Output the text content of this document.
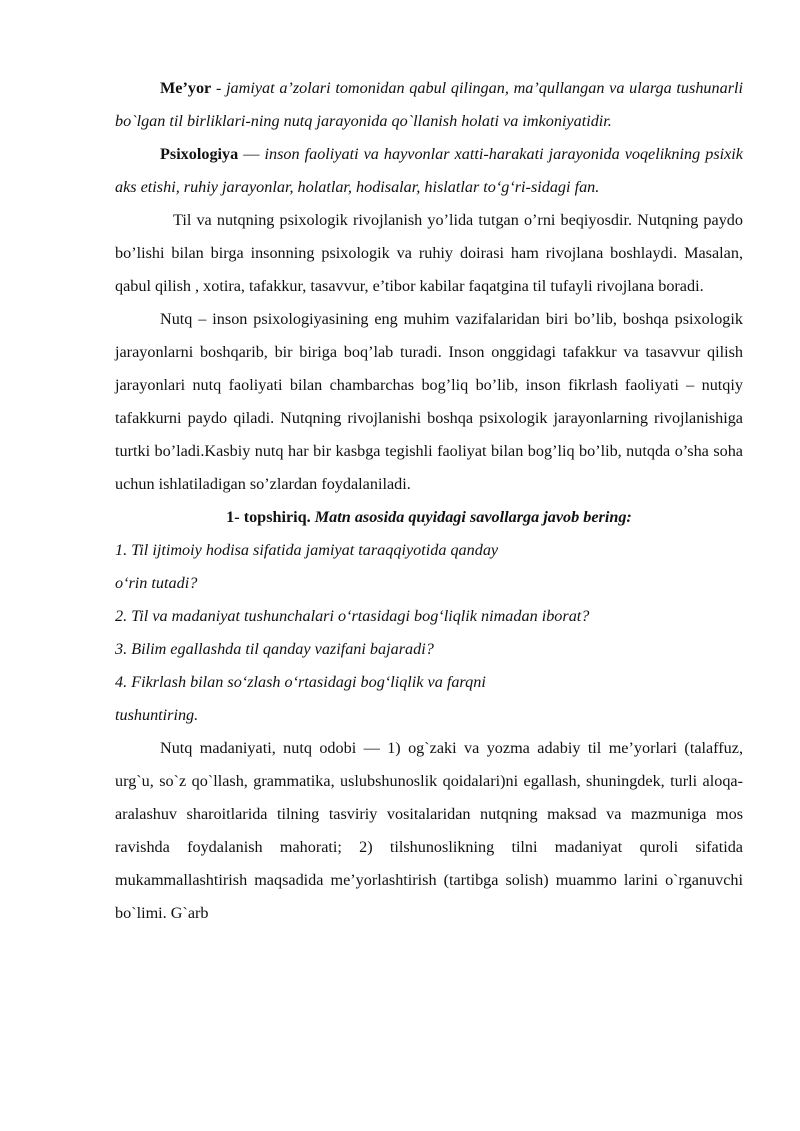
Me’yor - jamiyat a’zolari tomonidan qabul qilingan, ma’qullangan va ularga tushunarli bo`lgan til birliklari-ning nutq jarayonida qo`llanish holati va imkoniyatidir.

Psixologiya — inson faoliyati va hayvonlar xatti-harakati jarayonida voqelikning psixik aks etishi, ruhiy jarayonlar, holatlar, hodisalar, hislatlar to‘g‘ri-sidagi fan.

Til va nutqning psixologik rivojlanish yo’lida tutgan o’rni beqiyosdir. Nutqning paydo bo’lishi bilan birga insonning psixologik va ruhiy doirasi ham rivojlana boshlaydi. Masalan, qabul qilish , xotira, tafakkur, tasavvur, e’tibor kabilar faqatgina til tufayli rivojlana boradi.

Nutq – inson psixologiyasining eng muhim vazifalaridan biri bo’lib, boshqa psixologik jarayonlarni boshqarib, bir biriga boq’lab turadi. Inson onggidagi tafakkur va tasavvur qilish jarayonlari nutq faoliyati bilan chambarchas bog’liq bo’lib, inson fikrlash faoliyati – nutqiy tafakkurni paydo qiladi. Nutqning rivojlanishi boshqa psixologik jarayonlarning rivojlanishiga turtki bo’ladi.Kasbiy nutq har bir kasbga tegishli faoliyat bilan bog’liq bo’lib, nutqda o’sha soha uchun ishlatiladigan so’zlardan foydalaniladi.

1- topshiriq. Matn asosida quyidagi savollarga javob bering:

1. Til ijtimoiy hodisa sifatida jamiyat taraqqiyotida qanday

o‘rin tutadi?

2. Til va madaniyat tushunchalari o‘rtasidagi bog‘liqlik nimadan iborat?

3. Bilim egallashda til qanday vazifani bajaradi?

4. Fikrlash bilan so‘zlash o‘rtasidagi bog‘liqlik va farqni

tushuntiring.

Nutq madaniyati, nutq odobi — 1) og`zaki va yozma adabiy til me’yorlari (talaffuz, urg`u, so`z qo`llash, grammatika, uslubshunoslik qoidalari)ni egallash, shuningdek, turli aloqa-aralashuv sharoitlarida tilning tasviriy vositalaridan nutqning maksad va mazmuniga mos ravishda foydalanish mahorati; 2) tilshunoslikning tilni madaniyat quroli sifatida mukammallashtirish maqsadida me’yorlashtirish (tartibga solish) muammo larini o`rganuvchi bo`limi. G`arb
